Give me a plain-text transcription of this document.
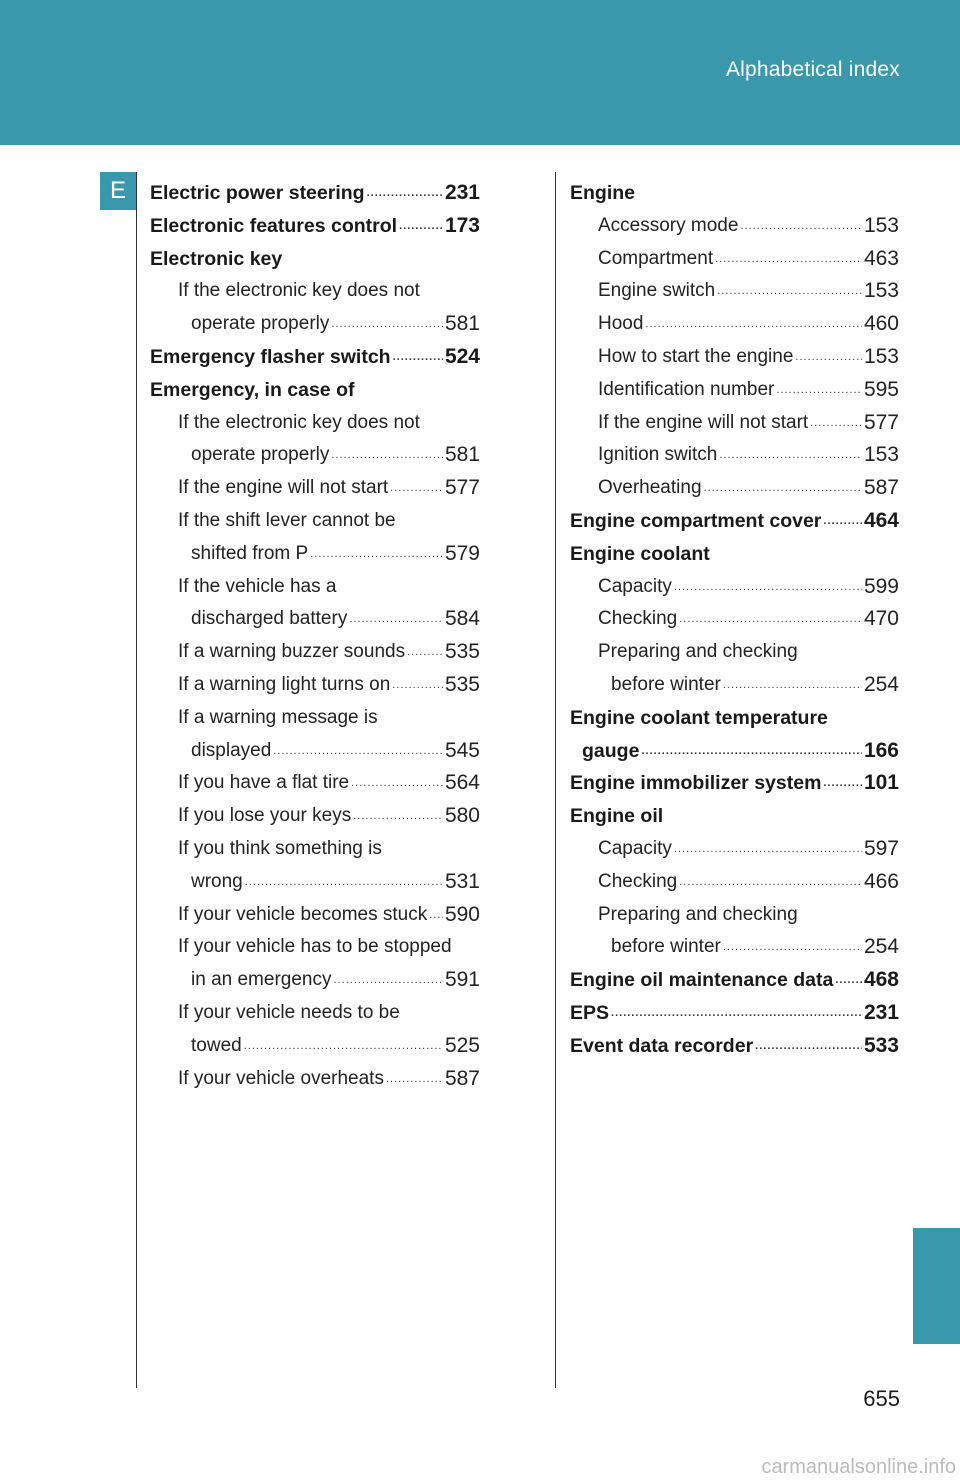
Alphabetical index
E	Electric power steering .....	231
Electronic features control ..... 173
Electronic key
If the electronic key does not
operate properly .....	581
Emergency flasher switch .....	524
Emergency, in case of
If the electronic key does not
operate properly .....	581
If the engine will not start .....	577
If the shift lever cannot be
shifted from P .....	579
If the vehicle has a
discharged battery .....	584
If a warning buzzer sounds ..... 535
If a warning light turns on .....	535
If a warning message is
displayed .....	545
If you have a flat tire .....	564
If you lose your keys .....	580
If you think something is
wrong .....	531
If your vehicle becomes stuck ..... 590
If your vehicle has to be stopped
in an emergency .....	591
If your vehicle needs to be
towed .....	525
If your vehicle overheats .....	587
Engine
Accessory mode .....	153
Compartment .....	463
Engine switch .....	153
Hood .....	460
How to start the engine .....	153
Identification number .....	595
If the engine will not start .....	577
Ignition switch .....	153
Overheating .....	587
Engine compartment cover ..... 464
Engine coolant
Capacity .....	599
Checking .....	470
Preparing and checking
before winter .....	254
Engine coolant temperature
gauge .....	166
Engine immobilizer system ..... 101
Engine oil
Capacity .....	597
Checking .....	466
Preparing and checking
before winter .....	254
Engine oil maintenance data ..... 468
EPS .....	231
Event data recorder .....	533
655
carmanualsonline.info
